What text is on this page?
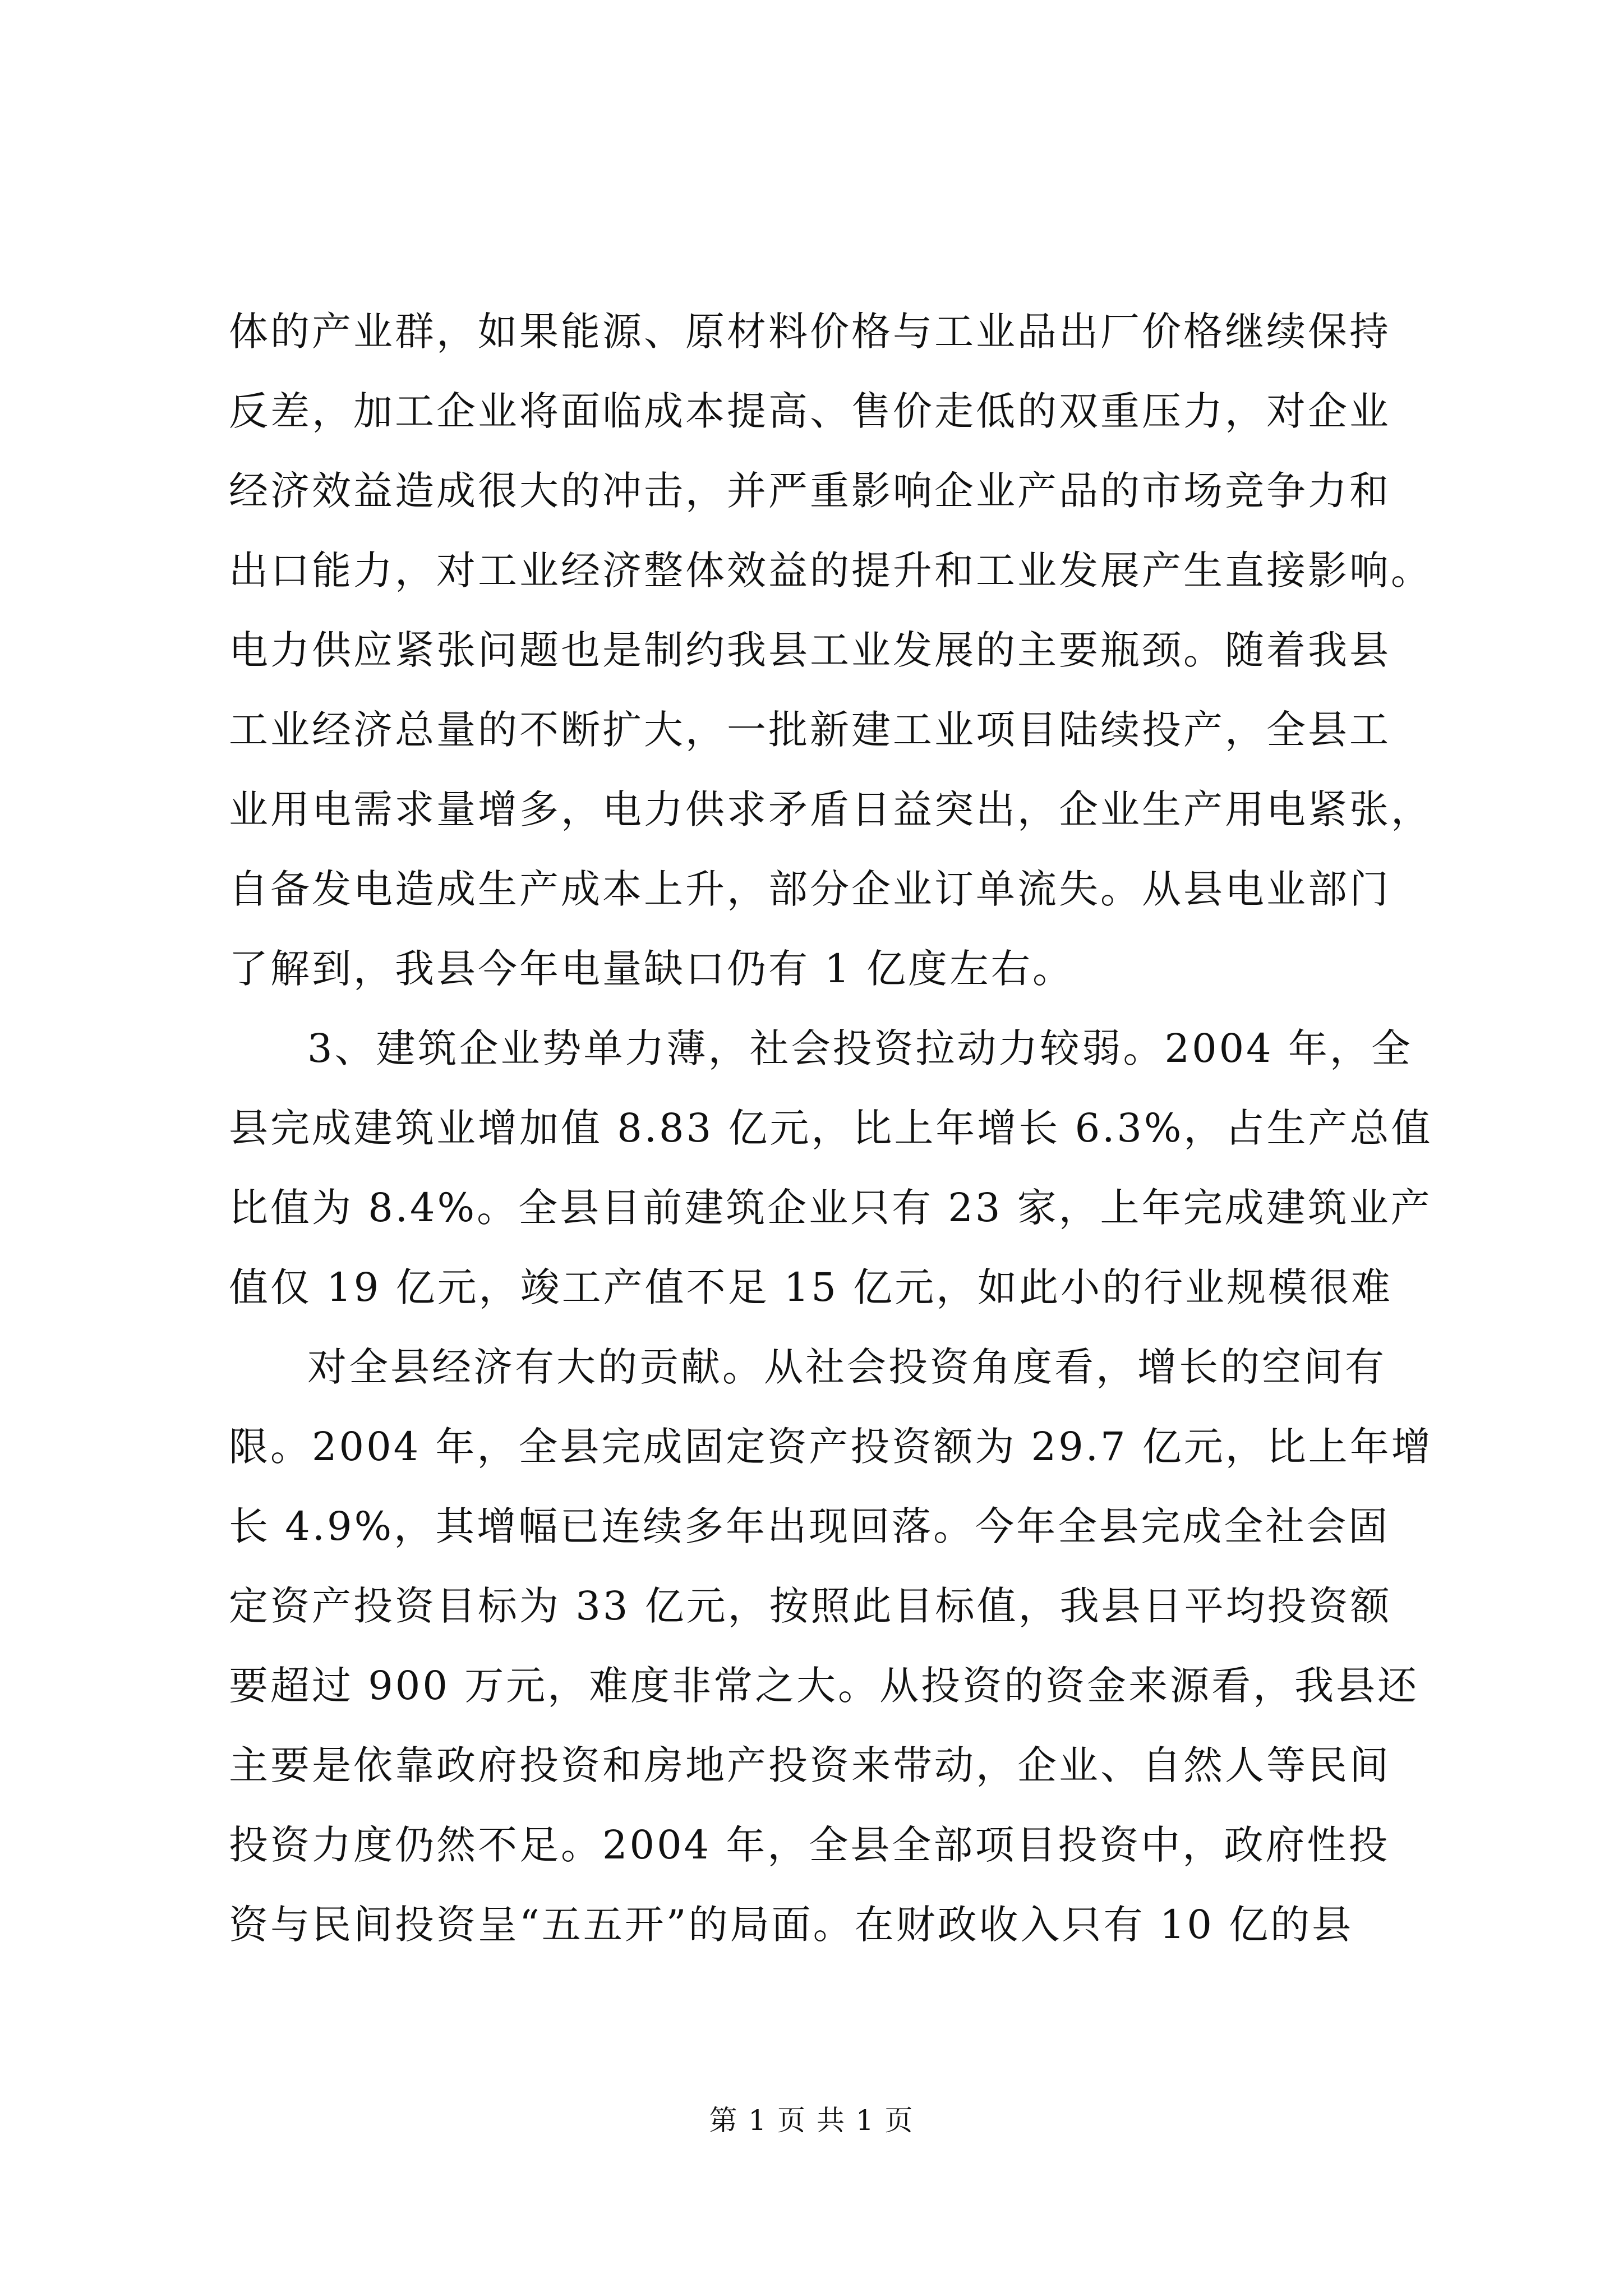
体的产业群，如果能源、原材料价格与工业品出厂价格继续保持
反差，加工企业将面临成本提高、售价走低的双重压力，对企业
经济效益造成很大的冲击，并严重影响企业产品的市场竞争力和
出口能力，对工业经济整体效益的提升和工业发展产生直接影响。
电力供应紧张问题也是制约我县工业发展的主要瓶颈。随着我县
工业经济总量的不断扩大，一批新建工业项目陆续投产，全县工
业用电需求量增多，电力供求矛盾日益突出，企业生产用电紧张，
自备发电造成生产成本上升，部分企业订单流失。从县电业部门
了解到，我县今年电量缺口仍有 1 亿度左右。
3、建筑企业势单力薄，社会投资拉动力较弱。2004 年，全
县完成建筑业增加值 8.83 亿元，比上年增长 6.3%，占生产总值
比值为 8.4%。全县目前建筑企业只有 23 家，上年完成建筑业产
值仅 19 亿元，竣工产值不足 15 亿元，如此小的行业规模很难
对全县经济有大的贡献。从社会投资角度看，增长的空间有
限。2004 年，全县完成固定资产投资额为 29.7 亿元，比上年增
长 4.9%，其增幅已连续多年出现回落。今年全县完成全社会固
定资产投资目标为 33 亿元，按照此目标值，我县日平均投资额
要超过 900 万元，难度非常之大。从投资的资金来源看，我县还
主要是依靠政府投资和房地产投资来带动，企业、自然人等民间
投资力度仍然不足。2004 年，全县全部项目投资中，政府性投
资与民间投资呈“五五开”的局面。在财政收入只有 10 亿的县
第 1 页 共 1 页
